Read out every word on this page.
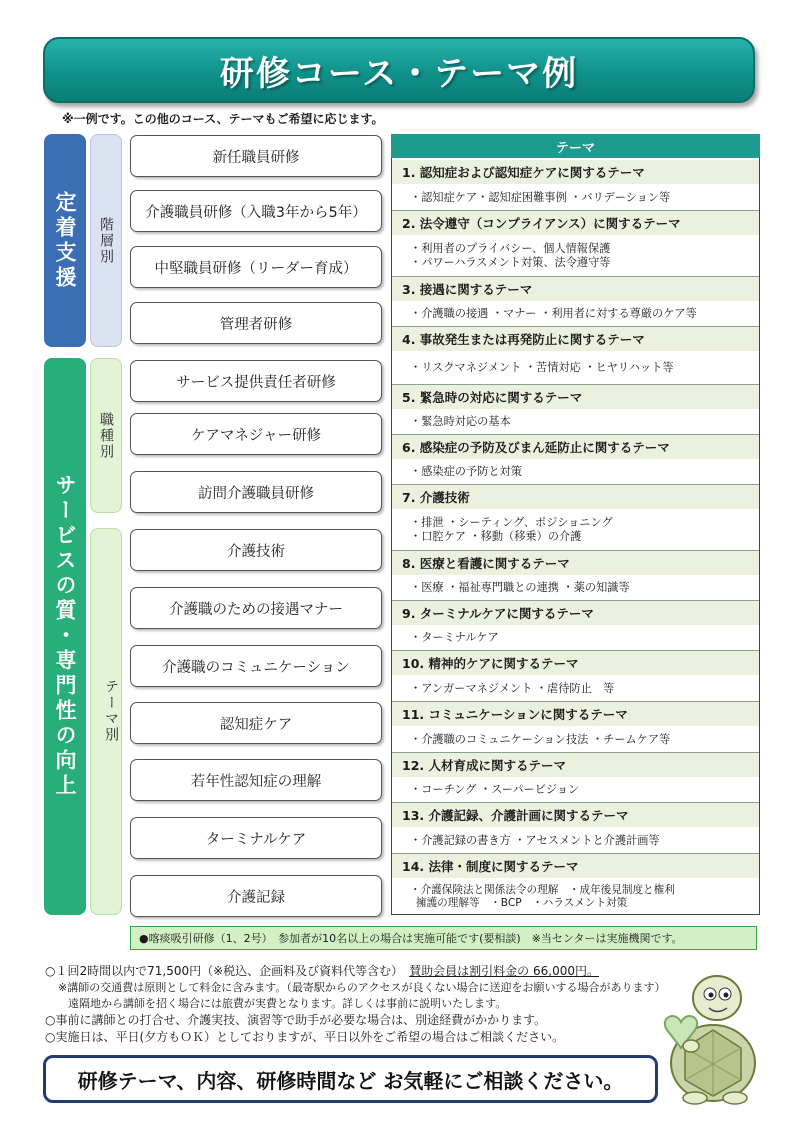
研修コース・テーマ例
※一例です。この他のコース、テーマもご希望に応じます。
定着支援
サービスの質・専門性の向上
階層別
職種別
テーマ別
新任職員研修
介護職員研修（入職3年から5年）
中堅職員研修（リーダー育成）
管理者研修
サービス提供責任者研修
ケアマネジャー研修
訪問介護職員研修
介護技術
介護職のための接遇マナー
介護職のコミュニケーション
認知症ケア
若年性認知症の理解
ターミナルケア
介護記録
テーマ
1. 認知症および認知症ケアに関するテーマ
・認知症ケア・認知症困難事例 ・バリデーション等
2. 法令遵守（コンプライアンス）に関するテーマ
・利用者のプライバシー、個人情報保護
・パワーハラスメント対策、法令遵守等
3. 接遇に関するテーマ
・介護職の接遇 ・マナー ・利用者に対する尊厳のケア等
4. 事故発生または再発防止に関するテーマ
・リスクマネジメント ・苦情対応 ・ヒヤリハット等
5. 緊急時の対応に関するテーマ
・緊急時対応の基本
6. 感染症の予防及びまん延防止に関するテーマ
・感染症の予防と対策
7. 介護技術
・排泄 ・シーティング、ポジショニング
・口腔ケア ・移動（移乗）の介護
8. 医療と看護に関するテーマ
・医療 ・福祉専門職との連携 ・薬の知識等
9. ターミナルケアに関するテーマ
・ターミナルケア
10. 精神的ケアに関するテーマ
・アンガーマネジメント ・虐待防止　等
11. コミュニケーションに関するテーマ
・介護職のコミュニケーション技法 ・チームケア等
12. 人材育成に関するテーマ
・コーチング ・スーパービジョン
13. 介護記録、介護計画に関するテーマ
・介護記録の書き方 ・アセスメントと介護計画等
14. 法律・制度に関するテーマ
・介護保険法と関係法令の理解　・成年後見制度と権利
擁護の理解等　・BCP　・ハラスメント対策
●喀痰吸引研修（1、2号）　参加者が10名以上の場合は実施可能です(要相談)　※当センターは実施機関です。
○１回2時間以内で71,500円（※税込、企画料及び資料代等含む）　 賛助会員は割引料金の 66,000円。
※講師の交通費は原則として料金に含みます。（最寄駅からのアクセスが良くない場合に送迎をお願いする場合があります）
遠隔地から講師を招く場合には旅費が実費となります。詳しくは事前に説明いたします。
○事前に講師との打合せ、介護実技、演習等で助手が必要な場合は、別途経費がかかります。
○実施日は、平日(夕方もＯＫ）としておりますが、平日以外をご希望の場合はご相談ください。
研修テーマ、内容、研修時間など お気軽にご相談ください。
